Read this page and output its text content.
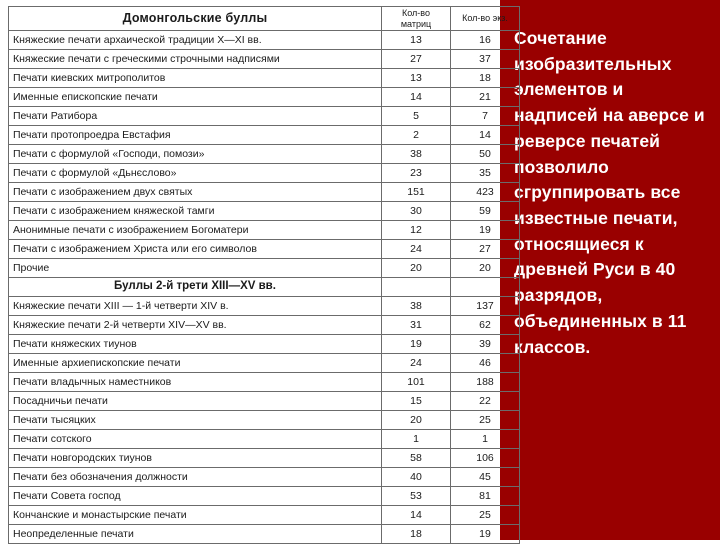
Домонгольские буллы	Кол-во матриц	Кол-во экз.
Княжеские печати архаической традиции X—XI вв.	13	16
Княжеские печати с греческими строчными надписями	27	37
Печати киевских митрополитов	13	18
Именные епископские печати	14	21
Печати Ратибора	5	7
Печати протопроедра Евстафия	2	14
Печати с формулой «Господи, помози»	38	50
Печати с формулой «Дьнєслово»	23	35
Печати с изображением двух святых	151	423
Печати с изображением княжеской тамги	30	59
Анонимные печати с изображением Богоматери	12	19
Печати с изображением Христа или его символов	24	27
Прочие	20	20
Буллы 2-й трети XIII—XV вв.		
Княжеские печати XIII — 1-й четверти XIV в.	38	137
Княжеские печати 2-й четверти XIV—XV вв.	31	62
Печати княжеских тиунов	19	39
Именные архиепископские печати	24	46
Печати владычных наместников	101	188
Посадничьи печати	15	22
Печати тысяцких	20	25
Печати сотского	1	1
Печати новгородских тиунов	58	106
Печати без обозначения должности	40	45
Печати Совета господ	53	81
Кончанские и монастырские печати	14	25
Неопределенные печати	18	19
Сочетание изобразительных элементов и надписей на аверсе и реверсе печатей позволило сгруппировать все известные печати, относящиеся к древней Руси в 40 разрядов, объединенных в 11 классов.
